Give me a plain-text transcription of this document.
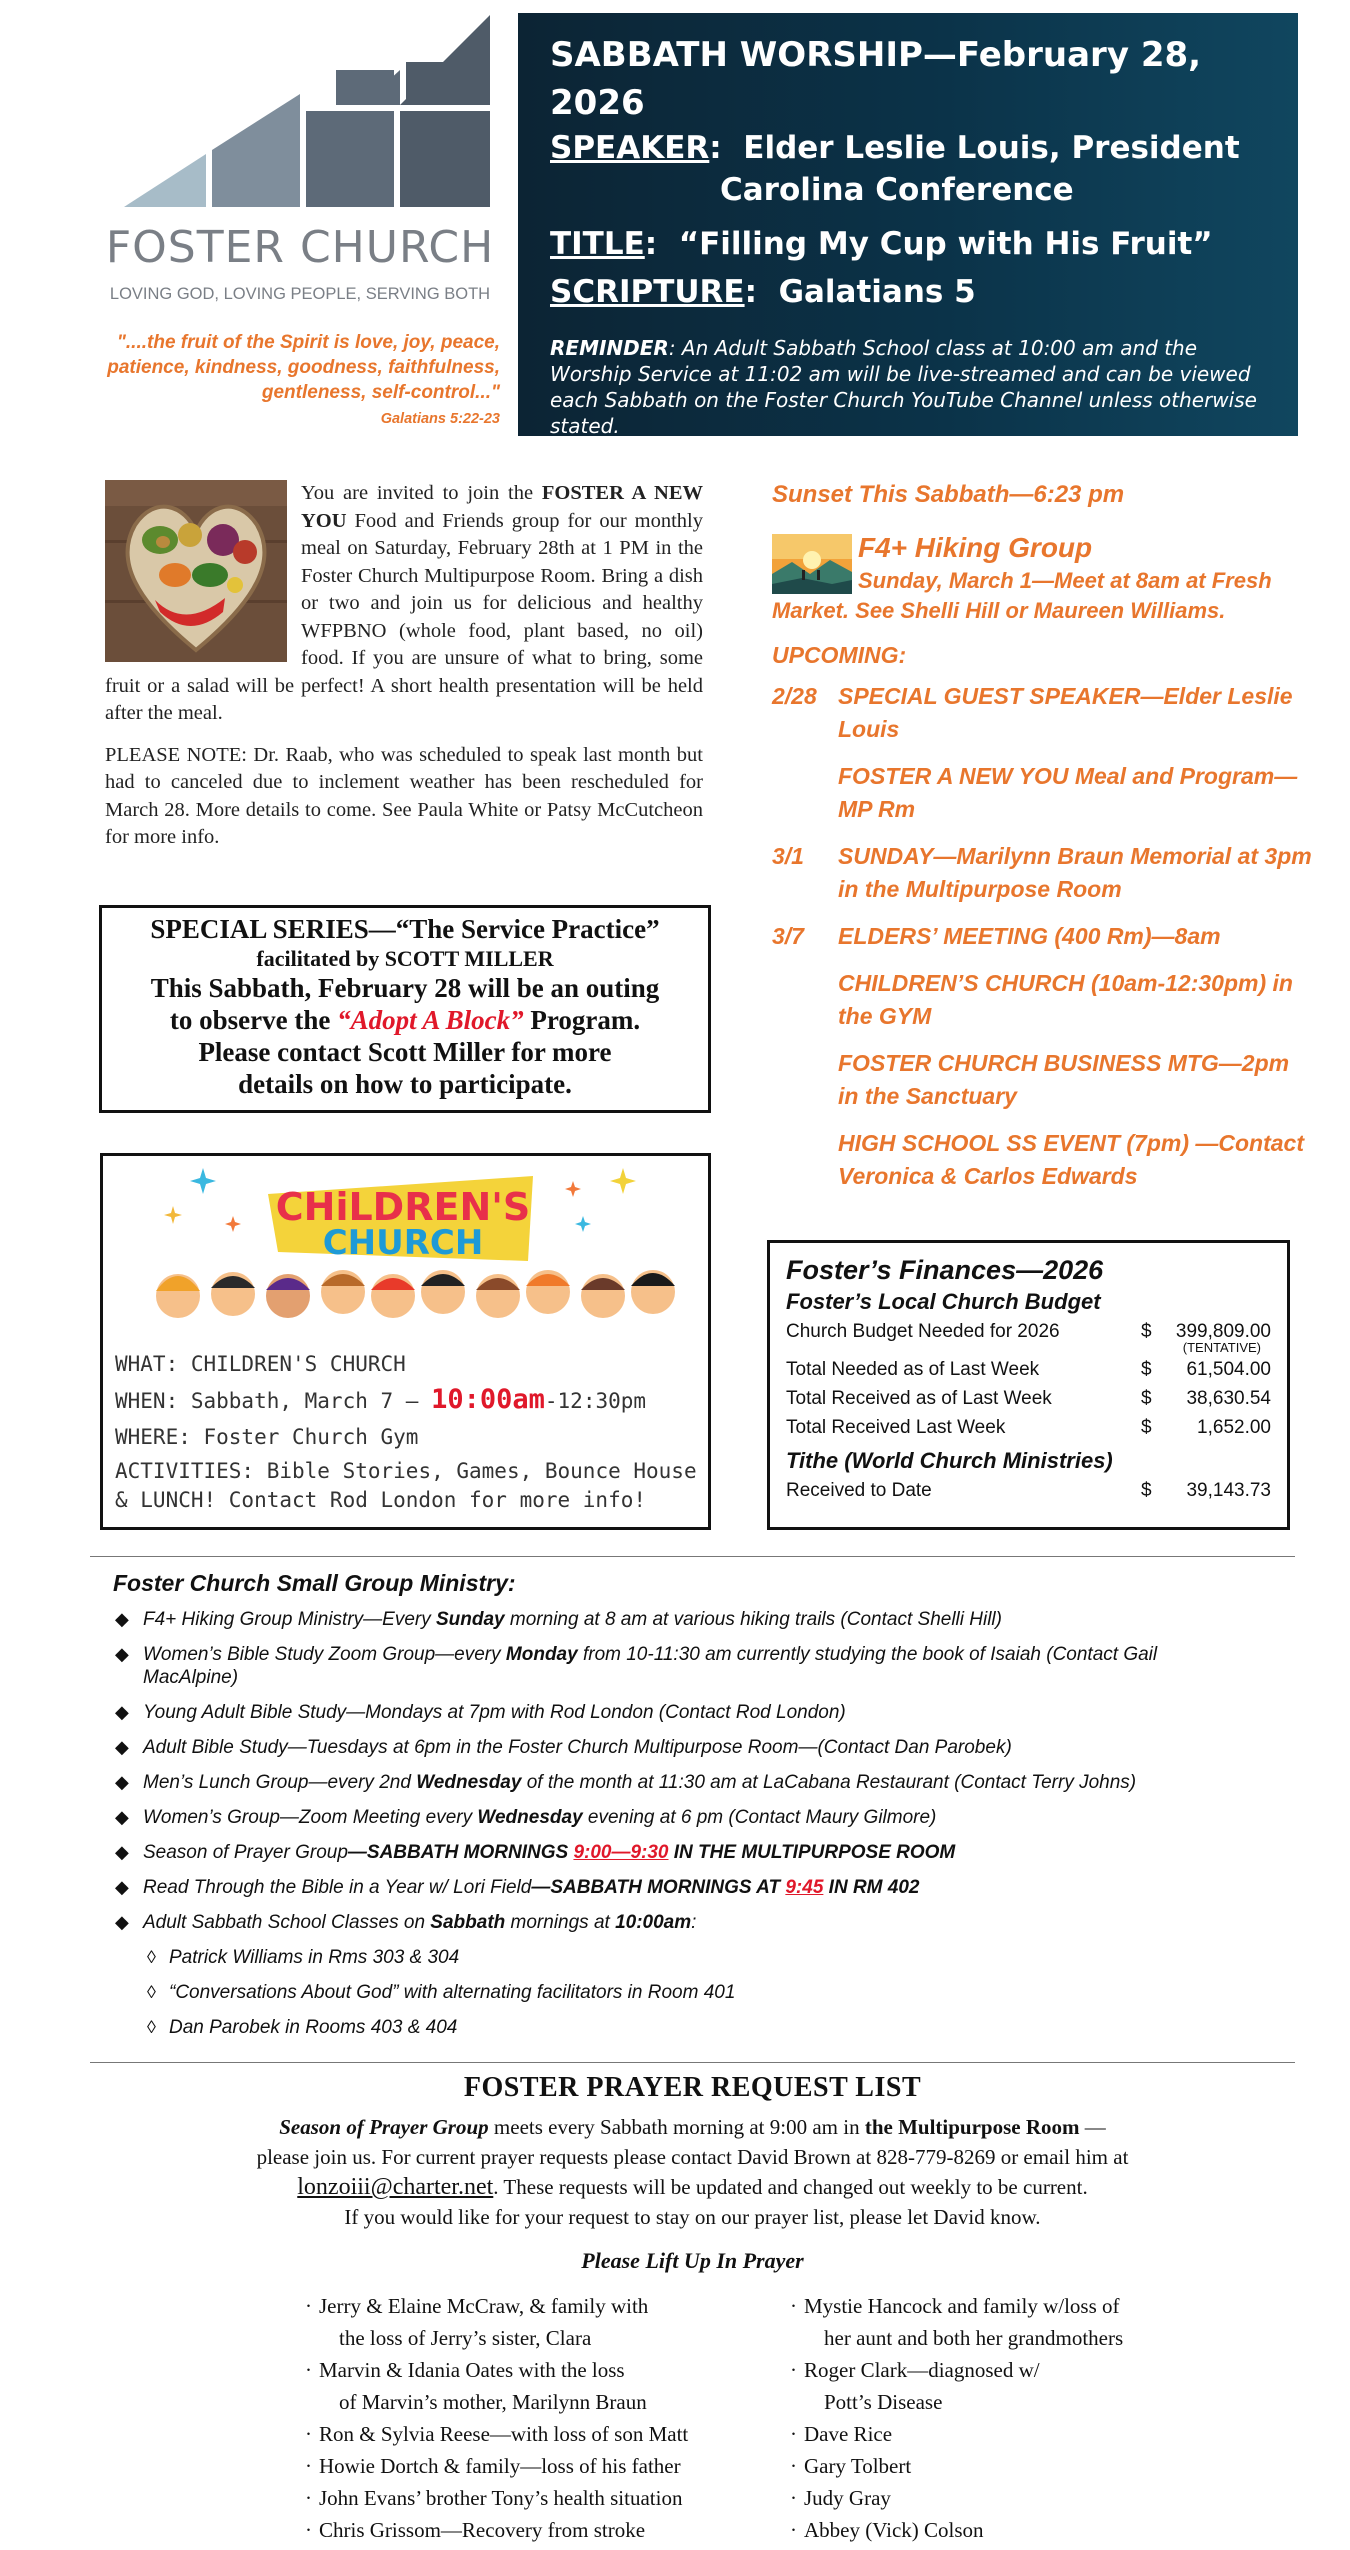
FOSTER CHURCH
LOVING GOD, LOVING PEOPLE, SERVING BOTH
"....the fruit of the Spirit is love, joy, peace, patience, kindness, goodness, faithfulness, gentleness, self-control..."
Galatians 5:22-23
SABBATH WORSHIP—February 28, 2026
SPEAKER:  Elder Leslie Louis, President
Carolina Conference
TITLE:  “Filling My Cup with His Fruit”
SCRIPTURE:  Galatians 5
REMINDER: An Adult Sabbath School class at 10:00 am and the Worship Service at 11:02 am will be live-streamed and can be viewed each Sabbath on the Foster Church YouTube Channel unless otherwise stated.

You are invited to join the FOSTER A NEW YOU Food and Friends group for our monthly meal on Saturday, February 28th at 1 PM in the Foster Church Multipurpose Room. Bring a dish or two and join us for delicious and healthy WFPBNO (whole food, plant based, no oil) food. If you are unsure of what to bring, some fruit or a salad will be perfect! A short health presentation will be held after the meal.

PLEASE NOTE: Dr. Raab, who was scheduled to speak last month but had to canceled due to inclement weather has been rescheduled for March 28. More details to come. See Paula White or Patsy McCutcheon for more info.

SPECIAL SERIES—“The Service Practice”
facilitated by SCOTT MILLER
This Sabbath, February 28 will be an outing
to observe the “Adopt A Block” Program.
Please contact Scott Miller for more
details on how to participate.
CHiLDREN'S
CHURCH
WHAT: CHILDREN'S CHURCH
WHEN: Sabbath, March 7 — 10:00am-12:30pm
WHERE: Foster Church Gym
ACTIVITIES: Bible Stories, Games, Bounce House & LUNCH! Contact Rod London for more info!
Sunset This Sabbath—6:23 pm
F4+ Hiking Group
Sunday, March 1—Meet at 8am at Fresh Market. See Shelli Hill or Maureen Williams.
UPCOMING:
2/28 SPECIAL GUEST SPEAKER—Elder Leslie Louis
FOSTER A NEW YOU Meal and Program—MP Rm
3/1	SUNDAY—Marilynn Braun Memorial at 3pm in the Multipurpose Room
3/7	ELDERS’ MEETING (400 Rm)—8am
CHILDREN’S CHURCH (10am-12:30pm) in the GYM
FOSTER CHURCH BUSINESS MTG—2pm in the Sanctuary
HIGH SCHOOL SS EVENT (7pm) —Contact Veronica & Carlos Edwards
Foster’s Finances—2026
Foster’s Local Church Budget
Church Budget Needed for 2026	$	399,809.00
(TENTATIVE)
Total Needed as of Last Week	$	61,504.00
Total Received as of Last Week	$	38,630.54
Total Received Last Week	$	1,652.00
Tithe (World Church Ministries)
Received to Date	$	39,143.73
Foster Church Small Group Ministry:
◆ F4+ Hiking Group Ministry—Every Sunday morning at 8 am at various hiking trails (Contact Shelli Hill)
◆ Women’s Bible Study Zoom Group—every Monday from 10-11:30 am currently studying the book of Isaiah (Contact Gail MacAlpine)
◆ Young Adult Bible Study—Mondays at 7pm with Rod London (Contact Rod London)
◆ Adult Bible Study—Tuesdays at 6pm in the Foster Church Multipurpose Room—(Contact Dan Parobek)
◆ Men’s Lunch Group—every 2nd Wednesday of the month at 11:30 am at LaCabana Restaurant (Contact Terry Johns)
◆ Women’s Group—Zoom Meeting every Wednesday evening at 6 pm (Contact Maury Gilmore)
◆ Season of Prayer Group—SABBATH MORNINGS 9:00—9:30 IN THE MULTIPURPOSE ROOM
◆ Read Through the Bible in a Year w/ Lori Field—SABBATH MORNINGS AT 9:45 IN RM 402
◆ Adult Sabbath School Classes on Sabbath mornings at 10:00am:
◊ Patrick Williams in Rms 303 & 304
◊ “Conversations About God” with alternating facilitators in Room 401
◊ Dan Parobek in Rooms 403 & 404
FOSTER PRAYER REQUEST LIST
Season of Prayer Group meets every Sabbath morning at 9:00 am in the Multipurpose Room —
please join us. For current prayer requests please contact David Brown at 828-779-8269 or email him at
lonzoiii@charter.net. These requests will be updated and changed out weekly to be current.
If you would like for your request to stay on our prayer list, please let David know.
Please Lift Up In Prayer
· Jerry & Elaine McCraw, & family with
the loss of Jerry’s sister, Clara
· Marvin & Idania Oates with the loss
of Marvin’s mother, Marilynn Braun
· Ron & Sylvia Reese—with loss of son Matt
· Howie Dortch & family—loss of his father
· John Evans’ brother Tony’s health situation
· Chris Grissom—Recovery from stroke
· Mystie Hancock and family w/loss of
her aunt and both her grandmothers
· Roger Clark—diagnosed w/
Pott’s Disease
· Dave Rice
· Gary Tolbert
· Judy Gray
· Abbey (Vick) Colson
